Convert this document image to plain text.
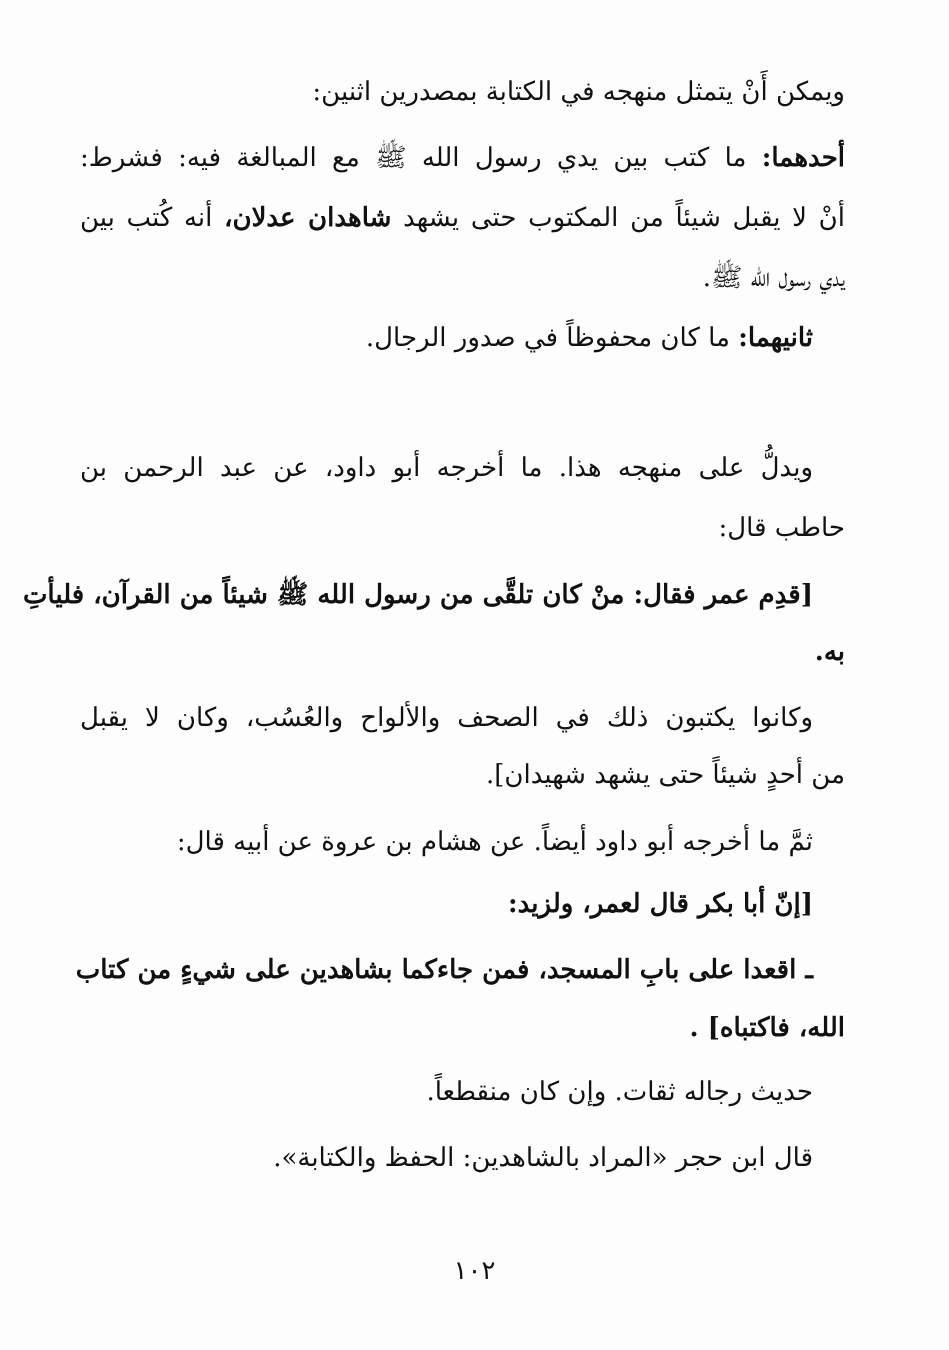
ويمكن أَنْ يتمثل منهجه في الكتابة بمصدرين اثنين:
أحدهما: ما كتب بين يدي رسول الله ﷺ مع المبالغة فيه: فشرط:
أنْ لا يقبل شيئاً من المكتوب حتى يشهد شاهدان عدلان، أنه كُتب بين
يدي رسول الله ﷺ.
ثانيهما: ما كان محفوظاً في صدور الرجال.
ويدلُّ على منهجه هذا. ما أخرجه أبو داود، عن عبد الرحمن بن
حاطب قال:
[قدِم عمر فقال: منْ كان تلقَّى من رسول الله ﷺ شيئاً من القرآن، فليأتِ
به.
وكانوا يكتبون ذلك في الصحف والألواح والعُسُب، وكان لا يقبل
من أحدٍ شيئاً حتى يشهد شهيدان].
ثمَّ ما أخرجه أبو داود أيضاً. عن هشام بن عروة عن أبيه قال:
[إنّ أبا بكر قال لعمر، ولزيد:
ـ اقعدا على بابِ المسجد، فمن جاءكما بشاهدين على شيءٍ من كتاب
الله، فاكتباه] .
حديث رجاله ثقات. وإن كان منقطعاً.
قال ابن حجر «المراد بالشاهدين: الحفظ والكتابة».
١٠٢
